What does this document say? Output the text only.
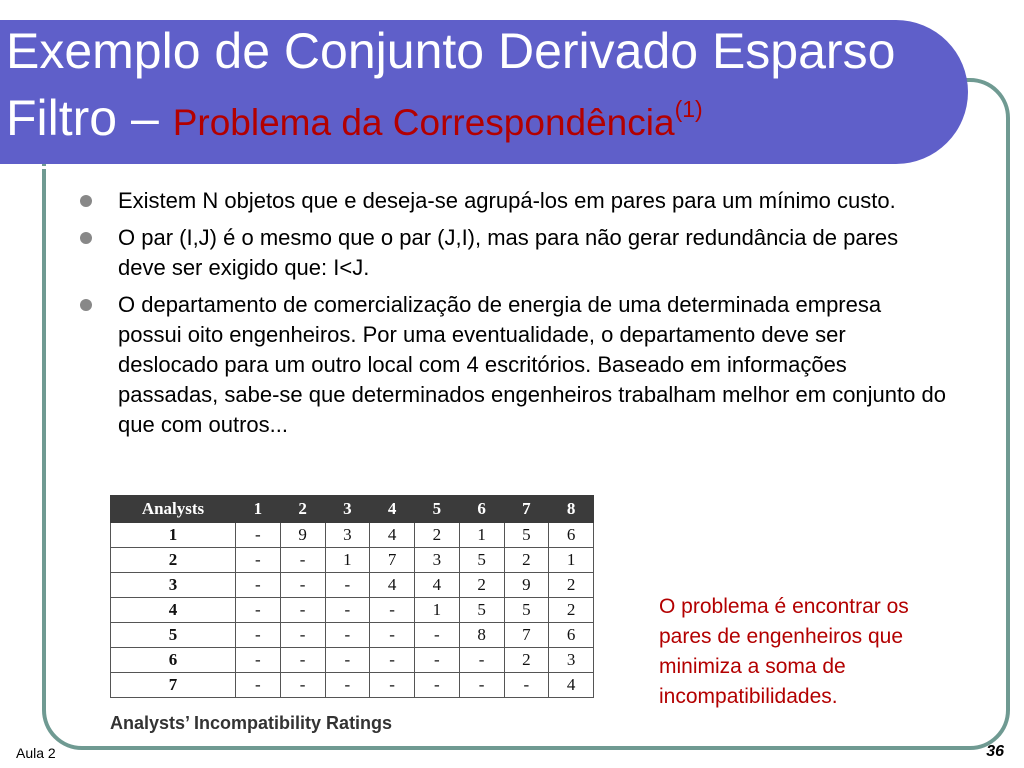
Exemplo de Conjunto Derivado Esparso
Filtro – Problema da Correspondência$^{(1)}$
Existem N objetos que e deseja-se agrupá-los em pares para um mínimo custo.
O par (I,J) é o mesmo que o par (J,I), mas para não gerar redundância de pares deve ser exigido que: I<J.
O departamento de comercialização de energia de uma determinada empresa possui oito engenheiros. Por uma eventualidade, o departamento deve ser deslocado para um outro local com 4 escritórios. Baseado em informações passadas, sabe-se que determinados engenheiros trabalham melhor em conjunto do que com outros...
Analysts	1	2	3	4	5	6	7	8
1	-	9	3	4	2	1	5	6
2	-	-	1	7	3	5	2	1
3	-	-	-	4	4	2	9	2
4	-	-	-	-	1	5	5	2
5	-	-	-	-	-	8	7	6
6	-	-	-	-	-	-	2	3
7	-	-	-	-	-	-	-	4
Analysts’ Incompatibility Ratings
O problema é encontrar os pares de engenheiros que minimiza a soma de incompatibilidades.
Aula 2	36
